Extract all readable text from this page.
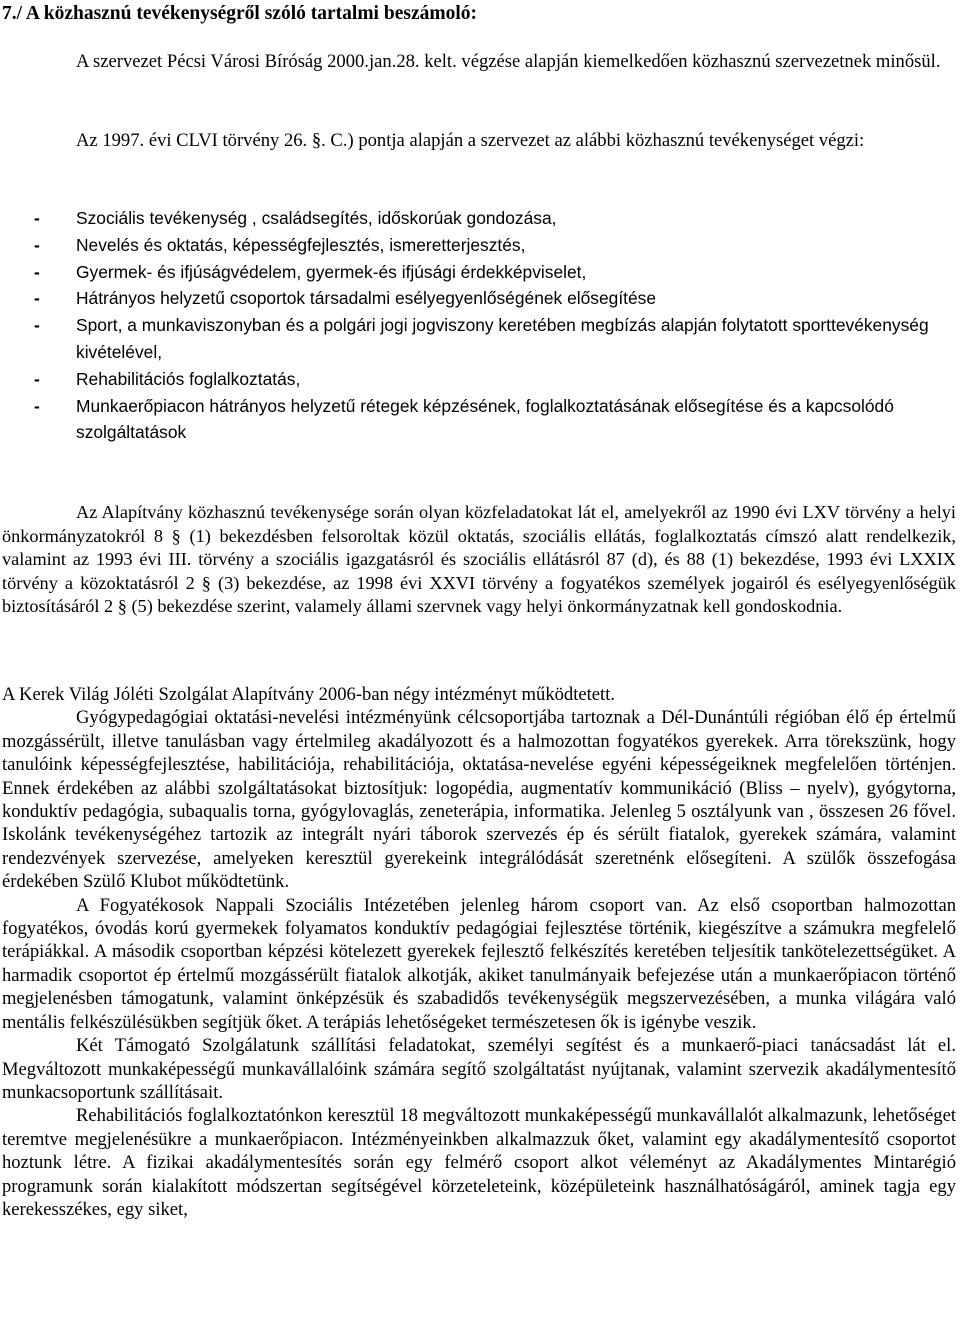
7./ A közhasznú tevékenységről szóló tartalmi beszámoló:

A szervezet Pécsi Városi Bíróság 2000.jan.28. kelt. végzése alapján kiemelkedően közhasznú szervezetnek minősül.

Az 1997. évi CLVI törvény 26. §. C.) pontja alapján a szervezet az alábbi közhasznú tevékenységet végzi:

- Szociális tevékenység , családsegítés, időskorúak gondozása,
- Nevelés és oktatás, képességfejlesztés, ismeretterjesztés,
- Gyermek- és ifjúságvédelem, gyermek-és ifjúsági érdekképviselet,
- Hátrányos helyzetű csoportok társadalmi esélyegyenlőségének elősegítése
- Sport, a munkaviszonyban és a polgári jogi jogviszony keretében megbízás alapján folytatott sporttevékenység kivételével,
- Rehabilitációs foglalkoztatás,
- Munkaerőpiacon hátrányos helyzetű rétegek képzésének, foglalkoztatásának elősegítése és a kapcsolódó szolgáltatások

Az Alapítvány közhasznú tevékenysége során olyan közfeladatokat lát el, amelyekről az 1990 évi LXV törvény a helyi önkormányzatokról 8 § (1) bekezdésben felsoroltak közül oktatás, szociális ellátás, foglalkoztatás címszó alatt rendelkezik, valamint az 1993 évi III. törvény a szociális igazgatásról és szociális ellátásról 87 (d), és 88 (1) bekezdése, 1993 évi LXXIX törvény a közoktatásról 2 § (3) bekezdése, az 1998 évi XXVI törvény a fogyatékos személyek jogairól és esélyegyenlőségük biztosításáról 2 § (5) bekezdése szerint, valamely állami szervnek vagy helyi önkormányzatnak kell gondoskodnia.

A Kerek Világ Jóléti Szolgálat Alapítvány 2006-ban négy intézményt működtetett.
Gyógypedagógiai oktatási-nevelési intézményünk célcsoportjába tartoznak a Dél-Dunántúli régióban élő ép értelmű mozgássérült, illetve tanulásban vagy értelmileg akadályozott és a halmozottan fogyatékos gyerekek. Arra törekszünk, hogy tanulóink képességfejlesztése, habilitációja, rehabilitációja, oktatása-nevelése egyéni képességeiknek megfelelően történjen. Ennek érdekében az alábbi szolgáltatásokat biztosítjuk: logopédia, augmentatív kommunikáció (Bliss – nyelv), gyógytorna, konduktív pedagógia, subaqualis torna, gyógylovaglás, zeneterápia, informatika. Jelenleg 5 osztályunk van , összesen 26 fővel. Iskolánk tevékenységéhez tartozik az integrált nyári táborok szervezés ép és sérült fiatalok, gyerekek számára, valamint rendezvények szervezése, amelyeken keresztül gyerekeink integrálódását szeretnénk elősegíteni. A szülők összefogása érdekében Szülő Klubot működtetünk.
A Fogyatékosok Nappali Szociális Intézetében jelenleg három csoport van. Az első csoportban halmozottan fogyatékos, óvodás korú gyermekek folyamatos konduktív pedagógiai fejlesztése történik, kiegészítve a számukra megfelelő terápiákkal. A második csoportban képzési kötelezett gyerekek fejlesztő felkészítés keretében teljesítik tankötelezettségüket. A harmadik csoportot ép értelmű mozgássérült fiatalok alkotják, akiket tanulmányaik befejezése után a munkaerőpiacon történő megjelenésben támogatunk, valamint önképzésük és szabadidős tevékenységük megszervezésében, a munka világára való mentális felkészülésükben segítjük őket. A terápiás lehetőségeket természetesen ők is igénybe veszik.
Két Támogató Szolgálatunk szállítási feladatokat, személyi segítést és a munkaerő-piaci tanácsadást lát el. Megváltozott munkaképességű munkavállalóink számára segítő szolgáltatást nyújtanak, valamint szervezik akadálymentesítő munkacsoportunk szállításait.
Rehabilitációs foglalkoztatónkon keresztül 18 megváltozott munkaképességű munkavállalót alkalmazunk, lehetőséget teremtve megjelenésükre a munkaerőpiacon. Intézményeinkben alkalmazzuk őket, valamint egy akadálymentesítő csoportot hoztunk létre. A fizikai akadálymentesítés során egy felmérő csoport alkot véleményt az Akadálymentes Mintarégió programunk során kialakított módszertan segítségével körzeteleteink, középületeink használhatóságáról, aminek tagja egy kerekesszékes, egy siket,
